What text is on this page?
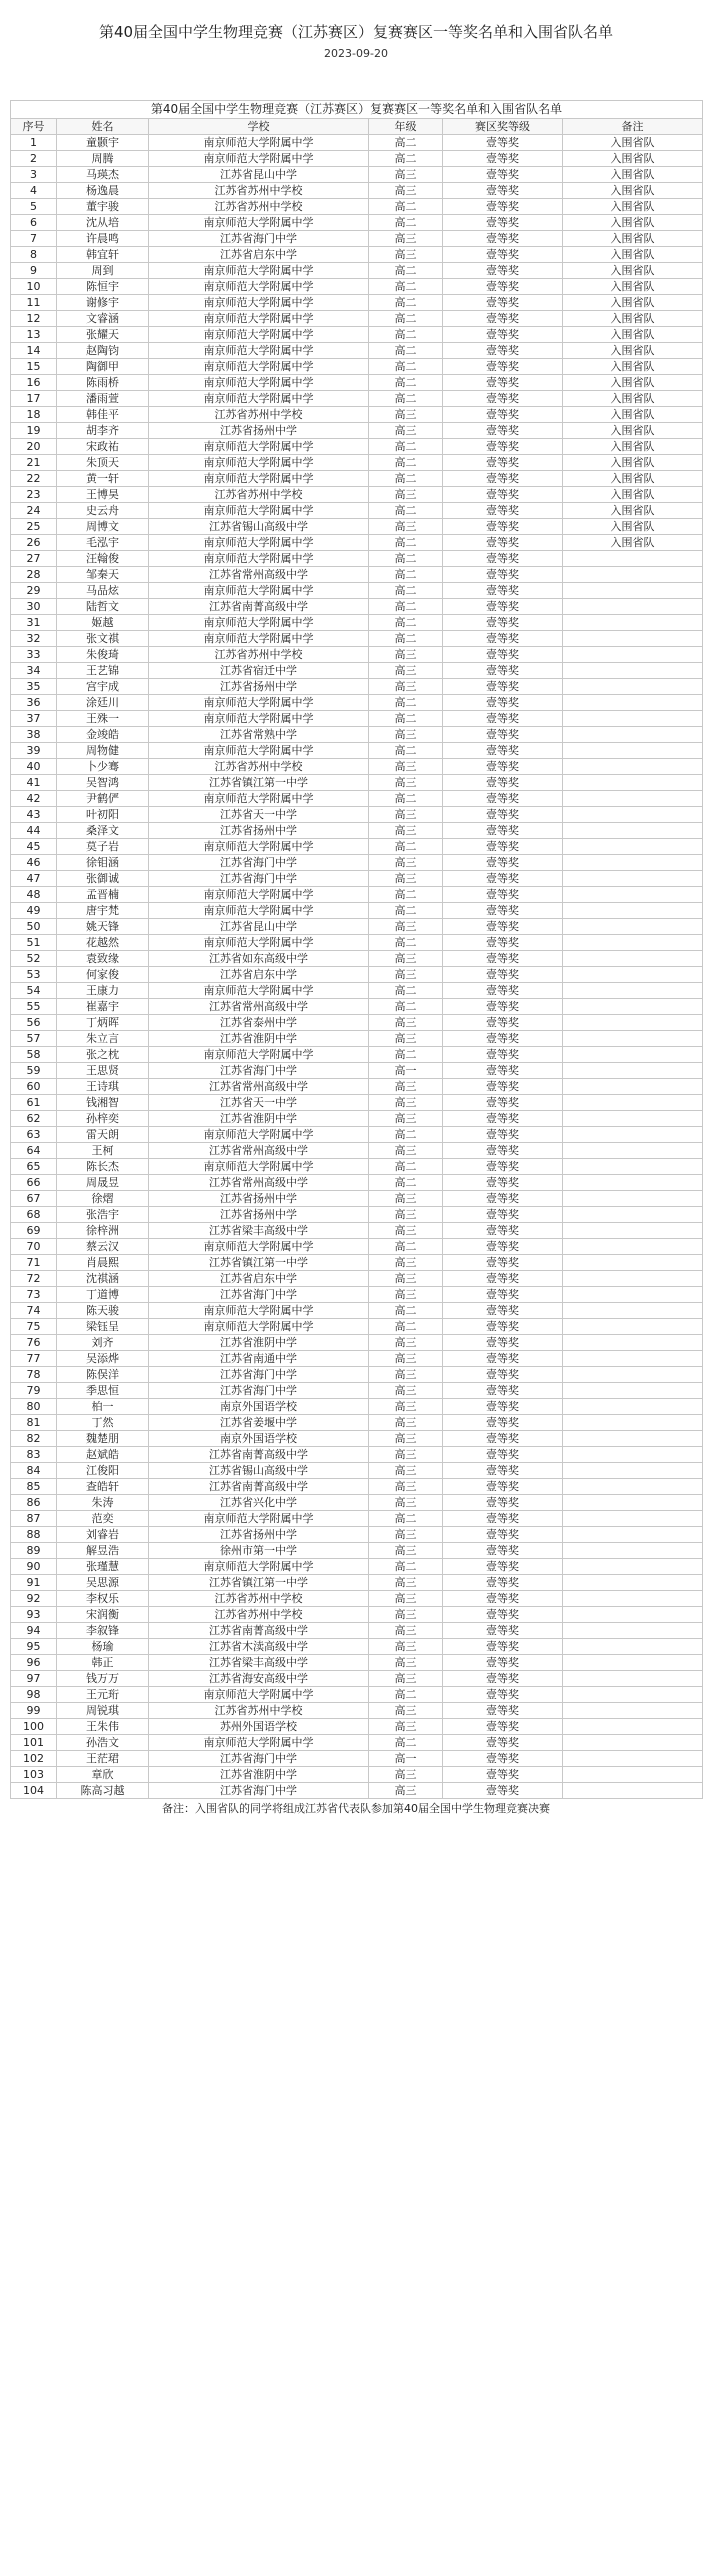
第40届全国中学生物理竞赛（江苏赛区）复赛赛区一等奖名单和入围省队名单
2023-09-20
第40届全国中学生物理竞赛（江苏赛区）复赛赛区一等奖名单和入围省队名单
序号	姓名	学校	年级	赛区奖等级	备注
1	童颢宇	南京师范大学附属中学	高二	壹等奖	入围省队
2	周腾	南京师范大学附属中学	高二	壹等奖	入围省队
3	马瑛杰	江苏省昆山中学	高三	壹等奖	入围省队
4	杨逸晨	江苏省苏州中学校	高三	壹等奖	入围省队
5	董宇骏	江苏省苏州中学校	高二	壹等奖	入围省队
6	沈从培	南京师范大学附属中学	高二	壹等奖	入围省队
7	许晨鸣	江苏省海门中学	高三	壹等奖	入围省队
8	韩宜轩	江苏省启东中学	高三	壹等奖	入围省队
9	周到	南京师范大学附属中学	高二	壹等奖	入围省队
10	陈恒宇	南京师范大学附属中学	高二	壹等奖	入围省队
11	谢修宇	南京师范大学附属中学	高二	壹等奖	入围省队
12	文睿涵	南京师范大学附属中学	高二	壹等奖	入围省队
13	张耀天	南京师范大学附属中学	高二	壹等奖	入围省队
14	赵陶钧	南京师范大学附属中学	高二	壹等奖	入围省队
15	陶御甲	南京师范大学附属中学	高二	壹等奖	入围省队
16	陈雨桥	南京师范大学附属中学	高二	壹等奖	入围省队
17	潘雨萱	南京师范大学附属中学	高二	壹等奖	入围省队
18	韩佳平	江苏省苏州中学校	高三	壹等奖	入围省队
19	胡李齐	江苏省扬州中学	高三	壹等奖	入围省队
20	宋政祐	南京师范大学附属中学	高二	壹等奖	入围省队
21	朱顶天	南京师范大学附属中学	高二	壹等奖	入围省队
22	黄一轩	南京师范大学附属中学	高二	壹等奖	入围省队
23	王博昊	江苏省苏州中学校	高三	壹等奖	入围省队
24	史云舟	南京师范大学附属中学	高二	壹等奖	入围省队
25	周博文	江苏省锡山高级中学	高三	壹等奖	入围省队
26	毛泓宇	南京师范大学附属中学	高二	壹等奖	入围省队
27	汪翰俊	南京师范大学附属中学	高二	壹等奖	
28	邹秦天	江苏省常州高级中学	高二	壹等奖	
29	马品炫	南京师范大学附属中学	高二	壹等奖	
30	陆哲文	江苏省南菁高级中学	高二	壹等奖	
31	姬越	南京师范大学附属中学	高二	壹等奖	
32	张文祺	南京师范大学附属中学	高二	壹等奖	
33	朱俊琦	江苏省苏州中学校	高三	壹等奖	
34	王艺锦	江苏省宿迁中学	高三	壹等奖	
35	宫宇成	江苏省扬州中学	高三	壹等奖	
36	涂廷川	南京师范大学附属中学	高二	壹等奖	
37	王殊一	南京师范大学附属中学	高二	壹等奖	
38	金竣皓	江苏省常熟中学	高三	壹等奖	
39	周物健	南京师范大学附属中学	高二	壹等奖	
40	卜少骞	江苏省苏州中学校	高三	壹等奖	
41	吴智鸿	江苏省镇江第一中学	高三	壹等奖	
42	尹鹤俨	南京师范大学附属中学	高二	壹等奖	
43	叶初阳	江苏省天一中学	高三	壹等奖	
44	桑泽文	江苏省扬州中学	高三	壹等奖	
45	莫子岩	南京师范大学附属中学	高二	壹等奖	
46	徐钼涵	江苏省海门中学	高三	壹等奖	
47	张御诚	江苏省海门中学	高三	壹等奖	
48	孟晋楠	南京师范大学附属中学	高二	壹等奖	
49	唐宇梵	南京师范大学附属中学	高二	壹等奖	
50	姚天锋	江苏省昆山中学	高三	壹等奖	
51	花越然	南京师范大学附属中学	高二	壹等奖	
52	袁致缘	江苏省如东高级中学	高三	壹等奖	
53	何家俊	江苏省启东中学	高三	壹等奖	
54	王康力	南京师范大学附属中学	高二	壹等奖	
55	崔嘉宇	江苏省常州高级中学	高二	壹等奖	
56	丁炳晖	江苏省泰州中学	高三	壹等奖	
57	朱立言	江苏省淮阴中学	高三	壹等奖	
58	张之枕	南京师范大学附属中学	高二	壹等奖	
59	王思贤	江苏省海门中学	高一	壹等奖	
60	王诗琪	江苏省常州高级中学	高三	壹等奖	
61	钱湘智	江苏省天一中学	高三	壹等奖	
62	孙梓奕	江苏省淮阴中学	高三	壹等奖	
63	雷天朗	南京师范大学附属中学	高二	壹等奖	
64	王柯	江苏省常州高级中学	高三	壹等奖	
65	陈长杰	南京师范大学附属中学	高二	壹等奖	
66	周晟昱	江苏省常州高级中学	高二	壹等奖	
67	徐熠	江苏省扬州中学	高三	壹等奖	
68	张浩宇	江苏省扬州中学	高三	壹等奖	
69	徐梓洲	江苏省梁丰高级中学	高三	壹等奖	
70	蔡云汉	南京师范大学附属中学	高二	壹等奖	
71	肖晨熙	江苏省镇江第一中学	高三	壹等奖	
72	沈祺涵	江苏省启东中学	高三	壹等奖	
73	丁道博	江苏省海门中学	高三	壹等奖	
74	陈天骏	南京师范大学附属中学	高二	壹等奖	
75	梁钰呈	南京师范大学附属中学	高二	壹等奖	
76	刘齐	江苏省淮阴中学	高三	壹等奖	
77	吴添烨	江苏省南通中学	高三	壹等奖	
78	陈俣洋	江苏省海门中学	高三	壹等奖	
79	季思恒	江苏省海门中学	高三	壹等奖	
80	柏一	南京外国语学校	高三	壹等奖	
81	丁然	江苏省姜堰中学	高三	壹等奖	
82	魏楚朋	南京外国语学校	高三	壹等奖	
83	赵斌皓	江苏省南菁高级中学	高三	壹等奖	
84	江俊阳	江苏省锡山高级中学	高三	壹等奖	
85	查皓轩	江苏省南菁高级中学	高三	壹等奖	
86	朱涛	江苏省兴化中学	高三	壹等奖	
87	范奕	南京师范大学附属中学	高二	壹等奖	
88	刘睿岩	江苏省扬州中学	高三	壹等奖	
89	解昱浩	徐州市第一中学	高三	壹等奖	
90	张瑾慧	南京师范大学附属中学	高二	壹等奖	
91	吴思源	江苏省镇江第一中学	高三	壹等奖	
92	李权乐	江苏省苏州中学校	高三	壹等奖	
93	宋润衡	江苏省苏州中学校	高三	壹等奖	
94	李叙锋	江苏省南菁高级中学	高三	壹等奖	
95	杨瑜	江苏省木渎高级中学	高三	壹等奖	
96	韩正	江苏省梁丰高级中学	高三	壹等奖	
97	钱万万	江苏省海安高级中学	高三	壹等奖	
98	王元珩	南京师范大学附属中学	高二	壹等奖	
99	周锐琪	江苏省苏州中学校	高三	壹等奖	
100	王朱伟	苏州外国语学校	高三	壹等奖	
101	孙浩文	南京师范大学附属中学	高二	壹等奖	
102	王茫珺	江苏省海门中学	高一	壹等奖	
103	章欣	江苏省淮阴中学	高三	壹等奖	
104	陈高习越	江苏省海门中学	高三	壹等奖	
备注：入围省队的同学将组成江苏省代表队参加第40届全国中学生物理竞赛决赛
